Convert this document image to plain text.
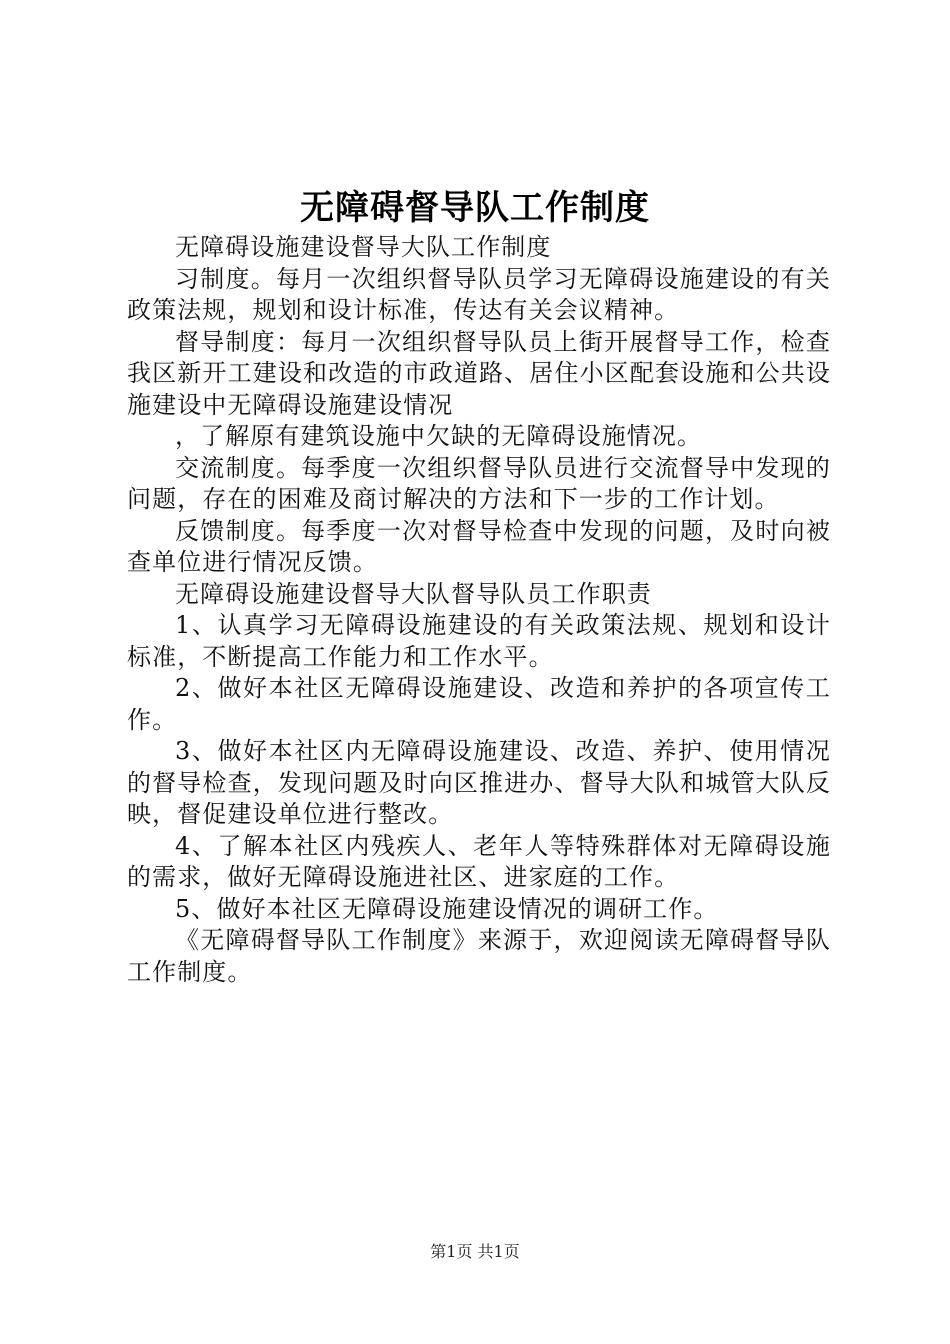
无障碍督导队工作制度

无障碍设施建设督导大队工作制度

习制度。每月一次组织督导队员学习无障碍设施建设的有关政策法规，规划和设计标准，传达有关会议精神。

督导制度：每月一次组织督导队员上街开展督导工作，检查我区新开工建设和改造的市政道路、居住小区配套设施和公共设施建设中无障碍设施建设情况

，了解原有建筑设施中欠缺的无障碍设施情况。

交流制度。每季度一次组织督导队员进行交流督导中发现的问题，存在的困难及商讨解决的方法和下一步的工作计划。

反馈制度。每季度一次对督导检查中发现的问题，及时向被查单位进行情况反馈。

无障碍设施建设督导大队督导队员工作职责

1、认真学习无障碍设施建设的有关政策法规、规划和设计标准，不断提高工作能力和工作水平。

2、做好本社区无障碍设施建设、改造和养护的各项宣传工作。

3、做好本社区内无障碍设施建设、改造、养护、使用情况的督导检查，发现问题及时向区推进办、督导大队和城管大队反映，督促建设单位进行整改。

4、了解本社区内残疾人、老年人等特殊群体对无障碍设施的需求，做好无障碍设施进社区、进家庭的工作。

5、做好本社区无障碍设施建设情况的调研工作。

《无障碍督导队工作制度》来源于，欢迎阅读无障碍督导队工作制度。

第1页 共1页
